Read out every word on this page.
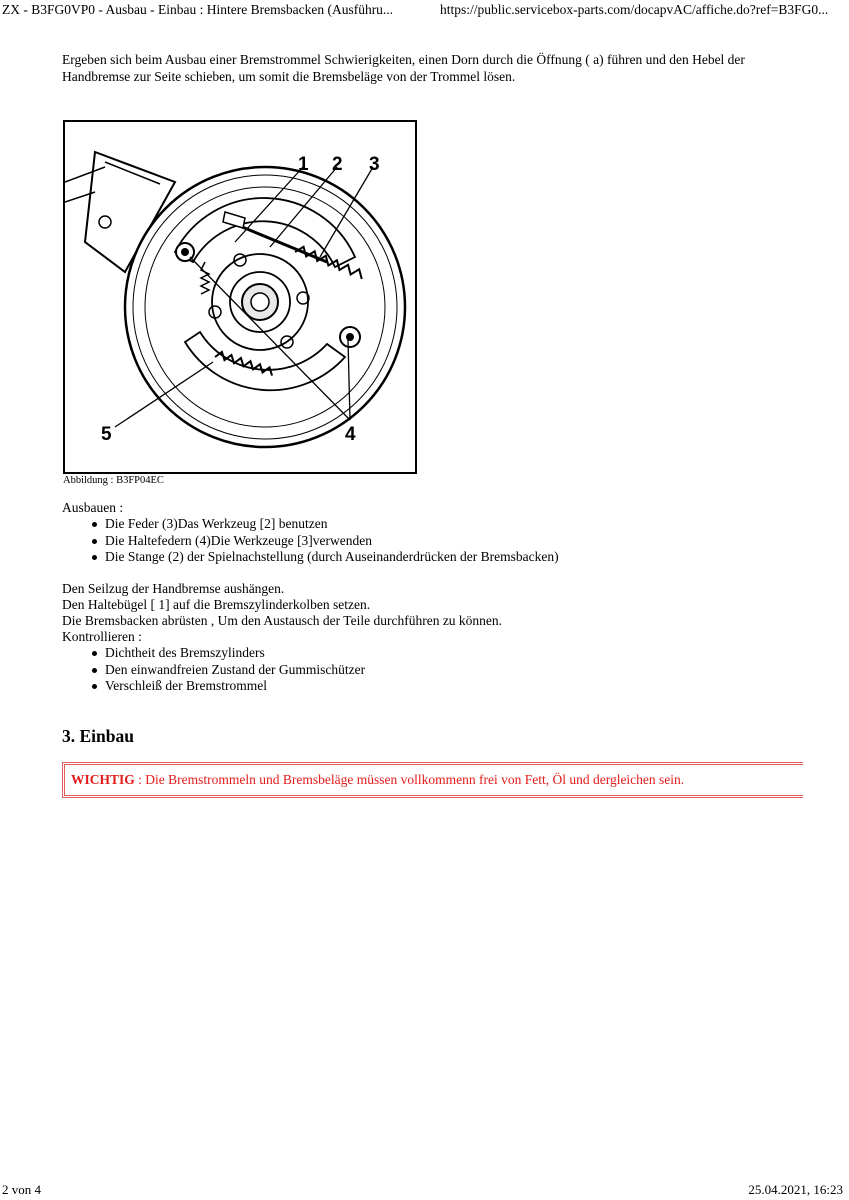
ZX - B3FG0VP0 - Ausbau - Einbau : Hintere Bremsbacken (Ausführu...	https://public.servicebox-parts.com/docapvAC/affiche.do?ref=B3FG0...
Ergeben sich beim Ausbau einer Bremstrommel Schwierigkeiten, einen Dorn durch die Öffnung ( a) führen und den Hebel der Handbremse zur Seite schieben, um somit die Bremsbeläge von der Trommel lösen.
1 2 3
4
5
Abbildung : B3FP04EC
Ausbauen :
Die Feder (3)Das Werkzeug [2] benutzen
Die Haltefedern (4)Die Werkzeuge [3]verwenden
Die Stange (2) der Spielnachstellung (durch Auseinanderdrücken der Bremsbacken)
Den Seilzug der Handbremse aushängen.
Den Haltebügel [ 1] auf die Bremszylinderkolben setzen.
Die Bremsbacken abrüsten , Um den Austausch der Teile durchführen zu können.
Kontrollieren :
Dichtheit des Bremszylinders
Den einwandfreien Zustand der Gummischützer
Verschleiß der Bremstrommel
3. Einbau
WICHTIG : Die Bremstrommeln und Bremsbeläge müssen vollkommenn frei von Fett, Öl und dergleichen sein.
2 von 4	25.04.2021, 16:23
